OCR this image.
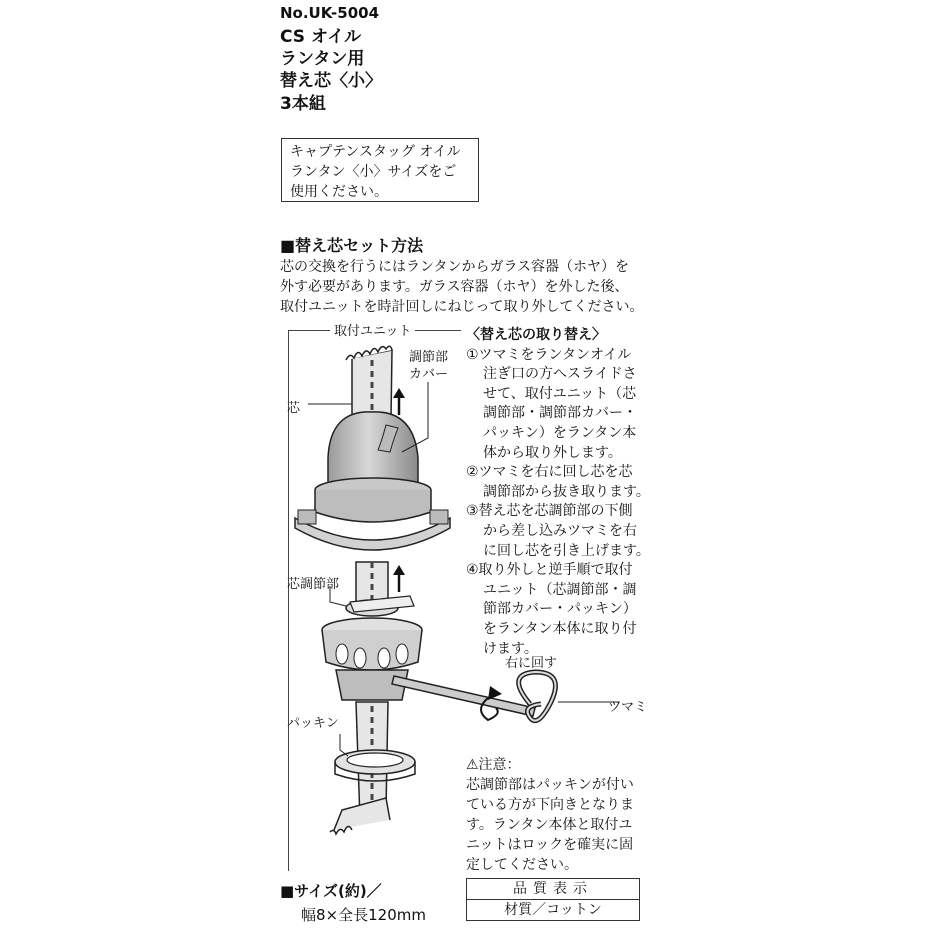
No.UK-5004
CS オイル
ランタン用
替え芯〈小〉
3本組
キャプテンスタッグ オイル
ランタン〈小〉サイズをご
使用ください。
■替え芯セット方法
芯の交換を行うにはランタンからガラス容器（ホヤ）を
外す必要があります。ガラス容器（ホヤ）を外した後、
取付ユニットを時計回しにねじって取り外してください。
取付ユニット
芯
調節部
カバー
芯調節部
パッキン
右に回す
ツマミ
〈替え芯の取り替え〉
①ツマミをランタンオイル
注ぎ口の方へスライドさ
せて、取付ユニット（芯
調節部・調節部カバー・
パッキン）をランタン本
体から取り外します。
②ツマミを右に回し芯を芯
調節部から抜き取ります。
③替え芯を芯調節部の下側
から差し込みツマミを右
に回し芯を引き上げます。
④取り外しと逆手順で取付
ユニット（芯調節部・調
節部カバー・パッキン）
をランタン本体に取り付
けます。
⚠注意：
芯調節部はパッキンが付い
ている方が下向きとなりま
す。ランタン本体と取付ユ
ニットはロックを確実に固
定してください。
■サイズ(約)／
幅8×全長120mm
品質表示
材質／コットン
